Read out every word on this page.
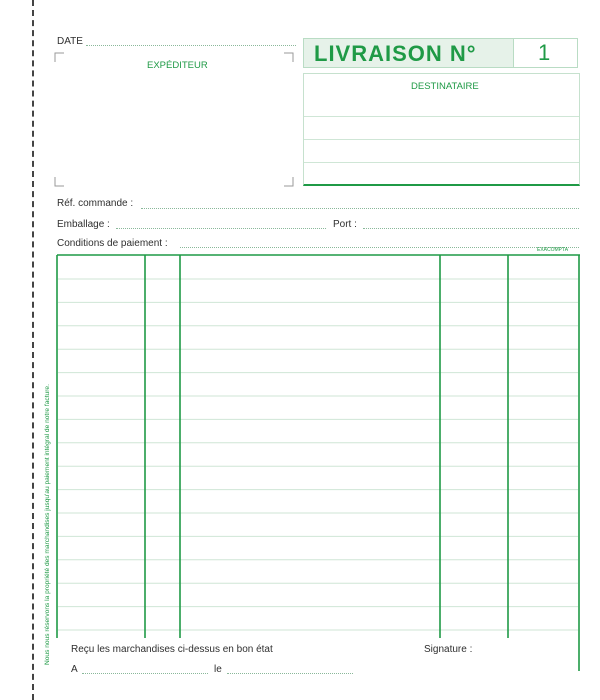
DATE
EXPÉDITEUR	LIVRAISON N°	1
DESTINATAIRE
Réf. commande :
Emballage :	Port :
Conditions de paiement :
EXACOMPTA
Reçu les marchandises ci-dessus en bon état	Signature :
A	le
Nous nous réservons la propriété des marchandises jusqu'au paiement intégral de notre facture.
